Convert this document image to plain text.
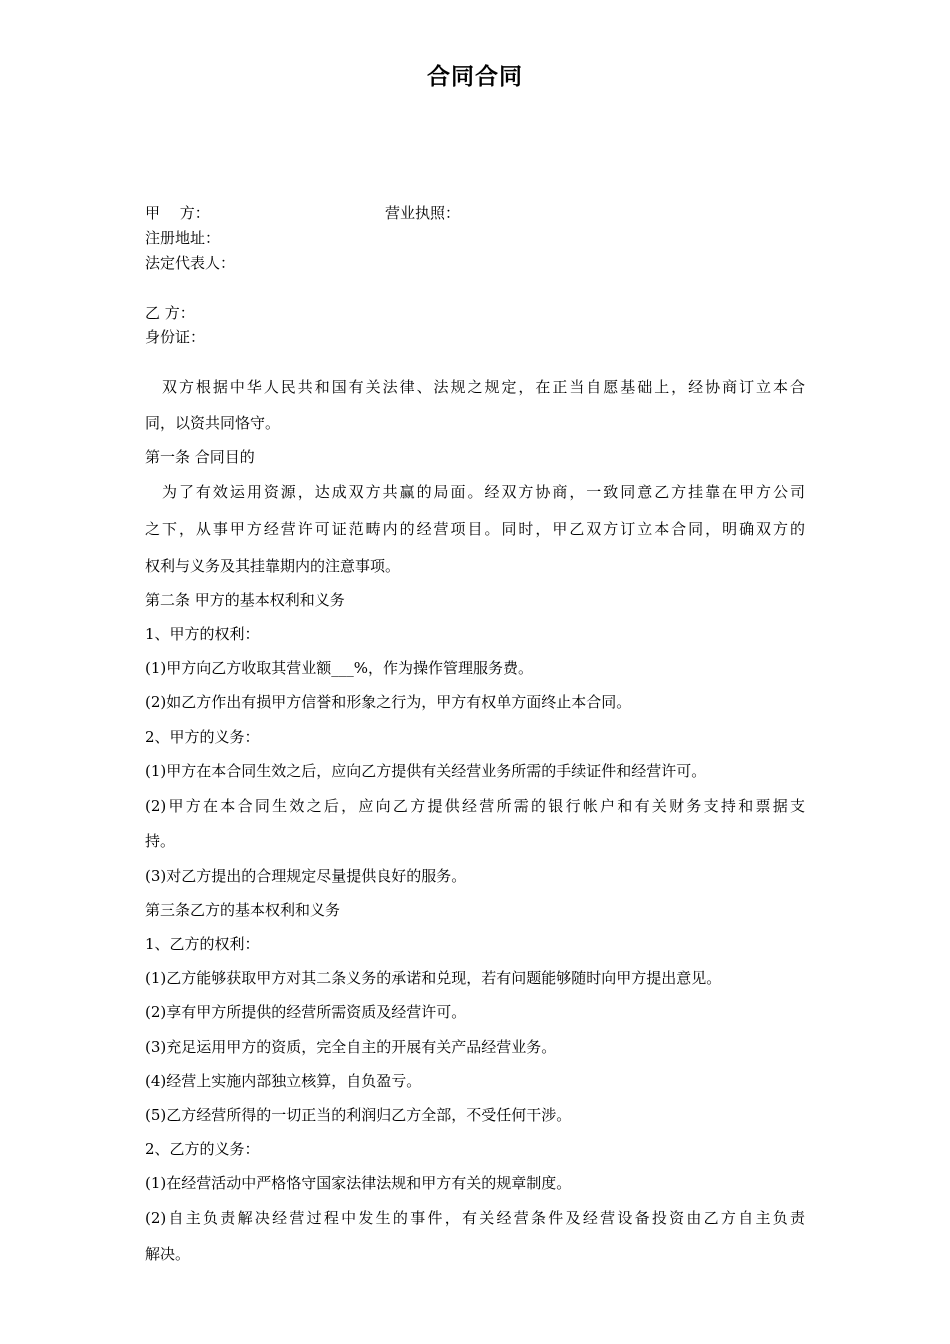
合同合同
甲　 方：	营业执照：
注册地址：
法定代表人：
乙 方：
身份证：
　双方根据中华人民共和国有关法律、法规之规定，在正当自愿基础上，经协商订立本合
同，以资共同恪守。
第一条 合同目的
　为了有效运用资源，达成双方共赢的局面。经双方协商，一致同意乙方挂靠在甲方公司
之下，从事甲方经营许可证范畴内的经营项目。同时，甲乙双方订立本合同，明确双方的
权利与义务及其挂靠期内的注意事项。
第二条 甲方的基本权利和义务
1、甲方的权利：
(1)甲方向乙方收取其营业额___%，作为操作管理服务费。
(2)如乙方作出有损甲方信誉和形象之行为，甲方有权单方面终止本合同。
2、甲方的义务：
(1)甲方在本合同生效之后，应向乙方提供有关经营业务所需的手续证件和经营许可。
(2)甲方在本合同生效之后，应向乙方提供经营所需的银行帐户和有关财务支持和票据支
持。
(3)对乙方提出的合理规定尽量提供良好的服务。
第三条乙方的基本权利和义务
1、乙方的权利：
(1)乙方能够获取甲方对其二条义务的承诺和兑现，若有问题能够随时向甲方提出意见。
(2)享有甲方所提供的经营所需资质及经营许可。
(3)充足运用甲方的资质，完全自主的开展有关产品经营业务。
(4)经营上实施内部独立核算，自负盈亏。
(5)乙方经营所得的一切正当的利润归乙方全部，不受任何干涉。
2、乙方的义务：
(1)在经营活动中严格恪守国家法律法规和甲方有关的规章制度。
(2)自主负责解决经营过程中发生的事件，有关经营条件及经营设备投资由乙方自主负责
解决。
